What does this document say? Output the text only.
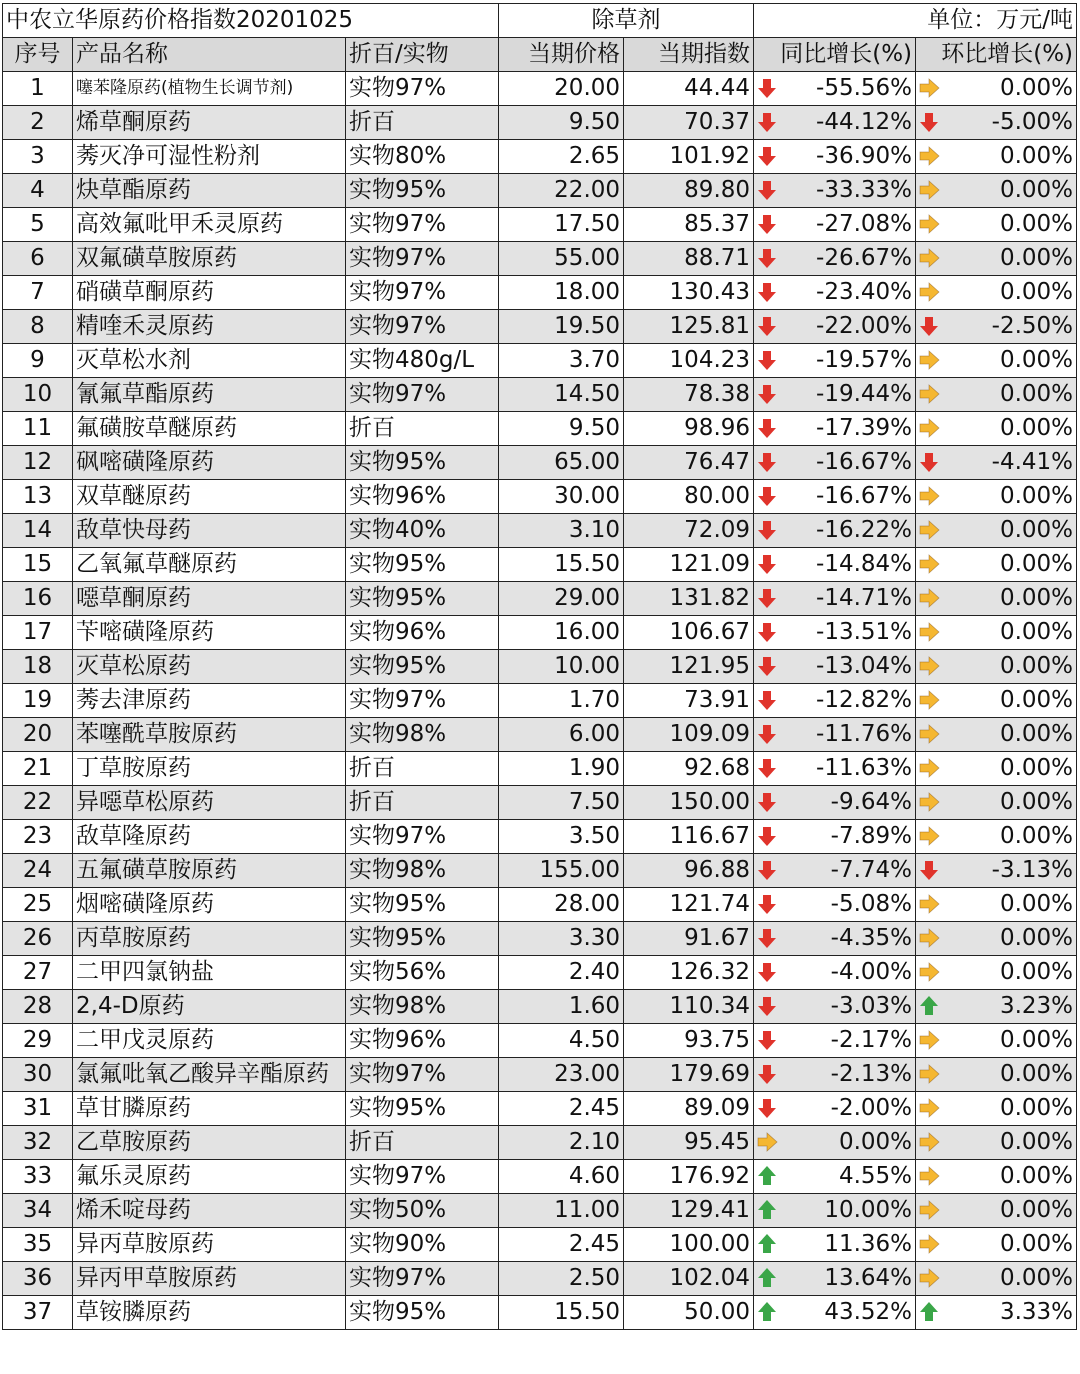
中农立华原药价格指数20201025			除草剂		单位：万元/吨	
序号	产品名称	折百/实物	当期价格	当期指数	同比增长(%)	环比增长(%)
1	噻苯隆原药(植物生长调节剂)	实物97%	20.00	44.44	-55.56%	0.00%

2	烯草酮原药	折百	9.50	70.37	-44.12%	-5.00%

3	莠灭净可湿性粉剂	实物80%	2.65	101.92	-36.90%	0.00%

4	炔草酯原药	实物95%	22.00	89.80	-33.33%	0.00%

5	高效氟吡甲禾灵原药	实物97%	17.50	85.37	-27.08%	0.00%

6	双氟磺草胺原药	实物97%	55.00	88.71	-26.67%	0.00%

7	硝磺草酮原药	实物97%	18.00	130.43	-23.40%	0.00%

8	精喹禾灵原药	实物97%	19.50	125.81	-22.00%	-2.50%

9	灭草松水剂	实物480g/L	3.70	104.23	-19.57%	0.00%

10	氰氟草酯原药	实物97%	14.50	78.38	-19.44%	0.00%

11	氟磺胺草醚原药	折百	9.50	98.96	-17.39%	0.00%

12	砜嘧磺隆原药	实物95%	65.00	76.47	-16.67%	-4.41%

13	双草醚原药	实物96%	30.00	80.00	-16.67%	0.00%

14	敌草快母药	实物40%	3.10	72.09	-16.22%	0.00%

15	乙氧氟草醚原药	实物95%	15.50	121.09	-14.84%	0.00%

16	噁草酮原药	实物95%	29.00	131.82	-14.71%	0.00%

17	苄嘧磺隆原药	实物96%	16.00	106.67	-13.51%	0.00%

18	灭草松原药	实物95%	10.00	121.95	-13.04%	0.00%

19	莠去津原药	实物97%	1.70	73.91	-12.82%	0.00%

20	苯噻酰草胺原药	实物98%	6.00	109.09	-11.76%	0.00%

21	丁草胺原药	折百	1.90	92.68	-11.63%	0.00%

22	异噁草松原药	折百	7.50	150.00	-9.64%	0.00%

23	敌草隆原药	实物97%	3.50	116.67	-7.89%	0.00%

24	五氟磺草胺原药	实物98%	155.00	96.88	-7.74%	-3.13%

25	烟嘧磺隆原药	实物95%	28.00	121.74	-5.08%	0.00%

26	丙草胺原药	实物95%	3.30	91.67	-4.35%	0.00%

27	二甲四氯钠盐	实物56%	2.40	126.32	-4.00%	0.00%

28	2,4-D原药	实物98%	1.60	110.34	-3.03%	3.23%

29	二甲戊灵原药	实物96%	4.50	93.75	-2.17%	0.00%

30	氯氟吡氧乙酸异辛酯原药	实物97%	23.00	179.69	-2.13%	0.00%

31	草甘膦原药	实物95%	2.45	89.09	-2.00%	0.00%

32	乙草胺原药	折百	2.10	95.45	0.00%	0.00%

33	氟乐灵原药	实物97%	4.60	176.92	4.55%	0.00%

34	烯禾啶母药	实物50%	11.00	129.41	10.00%	0.00%

35	异丙草胺原药	实物90%	2.45	100.00	11.36%	0.00%

36	异丙甲草胺原药	实物97%	2.50	102.04	13.64%	0.00%

37	草铵膦原药	实物95%	15.50	50.00	43.52%	3.33%
